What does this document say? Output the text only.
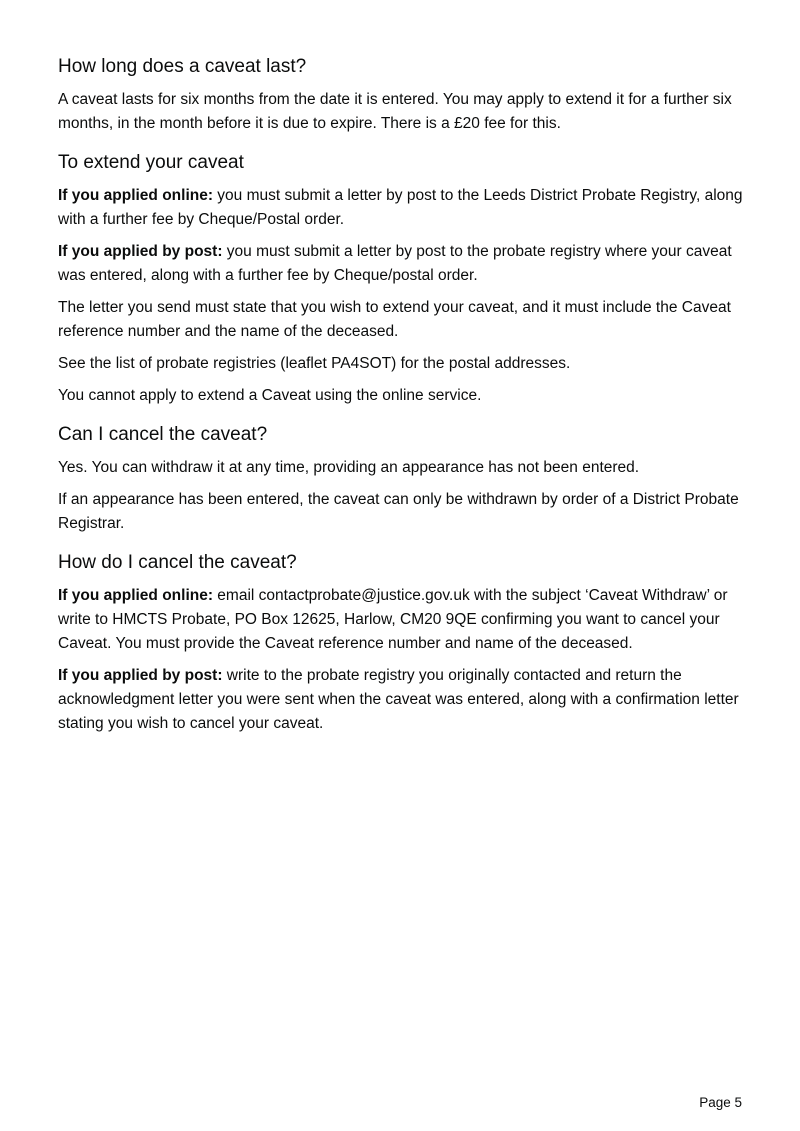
How long does a caveat last?

A caveat lasts for six months from the date it is entered. You may apply to extend it for a further six months, in the month before it is due to expire. There is a £20 fee for this.

To extend your caveat

If you applied online: you must submit a letter by post to the Leeds District Probate Registry, along with a further fee by Cheque/Postal order.

If you applied by post: you must submit a letter by post to the probate registry where your caveat was entered, along with a further fee by Cheque/postal order.

The letter you send must state that you wish to extend your caveat, and it must include the Caveat reference number and the name of the deceased.

See the list of probate registries (leaflet PA4SOT) for the postal addresses.

You cannot apply to extend a Caveat using the online service.

Can I cancel the caveat?

Yes. You can withdraw it at any time, providing an appearance has not been entered.

If an appearance has been entered, the caveat can only be withdrawn by order of a District Probate Registrar.

How do I cancel the caveat?

If you applied online: email contactprobate@justice.gov.uk with the subject ‘Caveat Withdraw’ or write to HMCTS Probate, PO Box 12625, Harlow, CM20 9QE confirming you want to cancel your Caveat. You must provide the Caveat reference number and name of the deceased.

If you applied by post: write to the probate registry you originally contacted and return the acknowledgment letter you were sent when the caveat was entered, along with a confirmation letter stating you wish to cancel your caveat.

Page 5
